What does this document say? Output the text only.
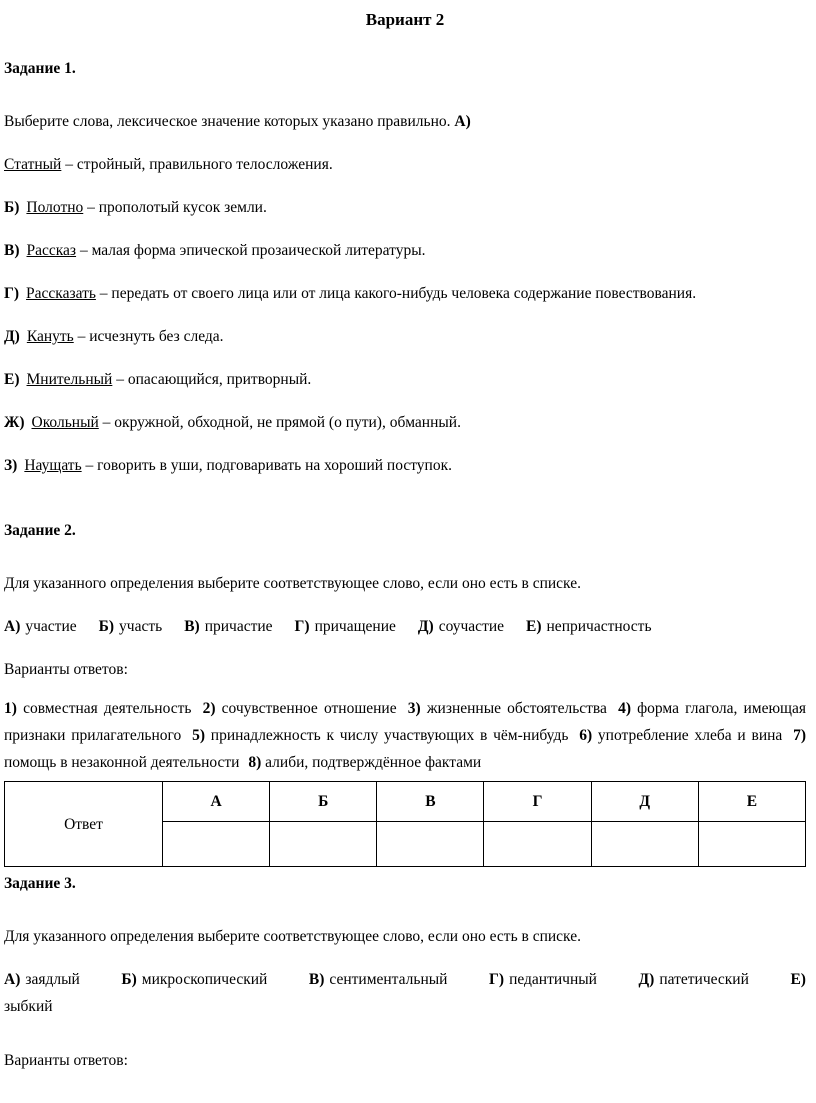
Вариант 2
Задание 1.

Выберите слова, лексическое значение которых указано правильно. А)

Статный – стройный, правильного телосложения.

Б) Полотно – прополотый кусок земли.

В) Рассказ – малая форма эпической прозаической литературы.

Г) Рассказать – передать от своего лица или от лица какого-нибудь человека содержание повествования.

Д) Кануть – исчезнуть без следа.

Е) Мнительный – опасающийся, притворный.

Ж) Окольный – окружной, обходной, не прямой (о пути), обманный.

З) Наущать – говорить в уши, подговаривать на хороший поступок.

Задание 2.

Для указанного определения выберите соответствующее слово, если оно есть в списке.

А) участие Б) участь В) причастие Г) причащение Д) соучастие Е) непричастность

Варианты ответов:

1) совместная деятельность 2) сочувственное отношение 3) жизненные обстоятельства 4) форма глагола, имеющая признаки прилагательного 5) принадлежность к числу участвующих в чём-нибудь 6) употребление хлеба и вина 7) помощь в незаконной деятельности 8) алиби, подтверждённое фактами

Ответ	А	Б	В	Г	Д	Е

Задание 3.

Для указанного определения выберите соответствующее слово, если оно есть в списке.

А) заядлый	Б) микроскопический	В) сентиментальный	Г) педантичный	Д) патетический	Е)

зыбкий

Варианты ответов:
